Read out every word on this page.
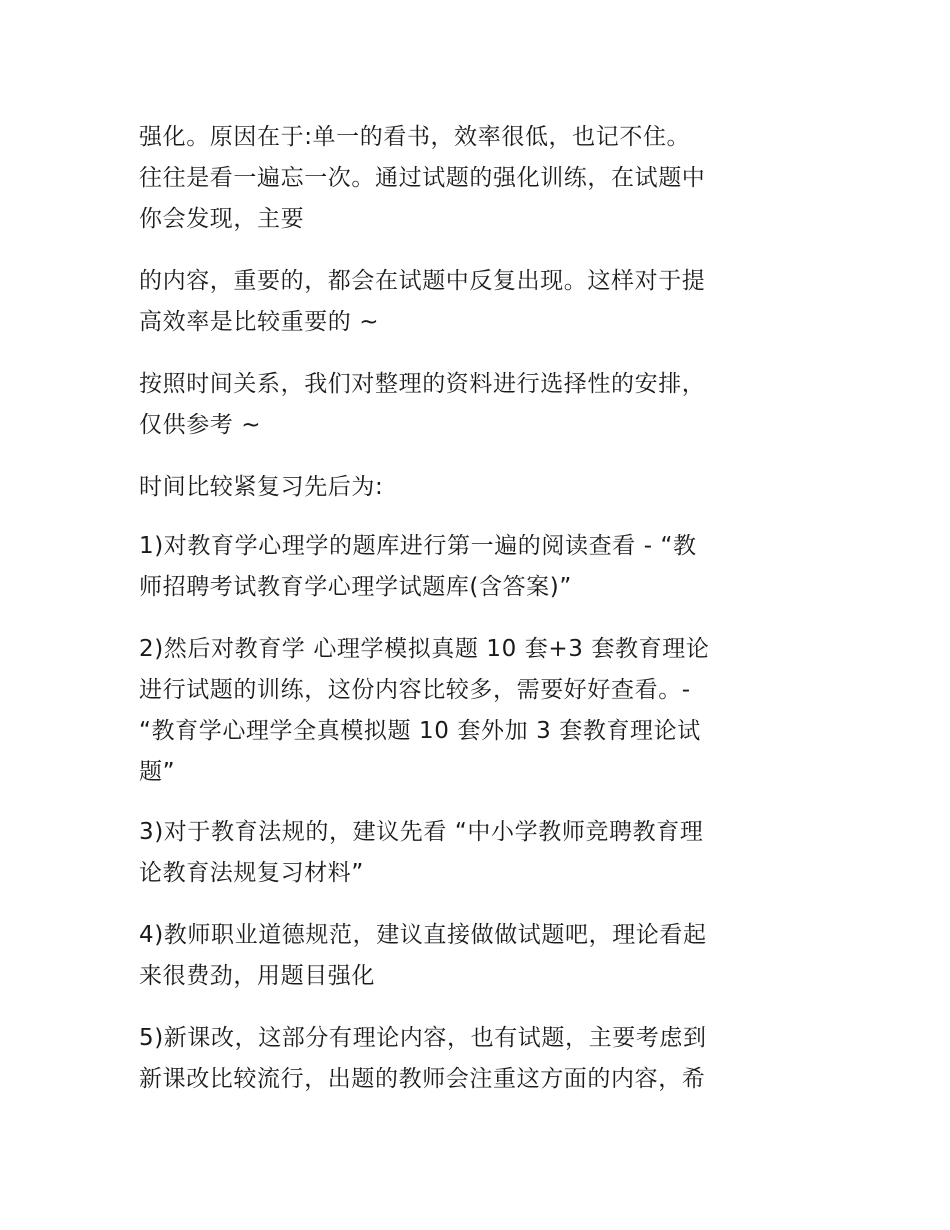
强化。原因在于:单一的看书，效率很低，也记不住。
往往是看一遍忘一次。通过试题的强化训练，在试题中
你会发现，主要

的内容，重要的，都会在试题中反复出现。这样对于提
高效率是比较重要的 ~

按照时间关系，我们对整理的资料进行选择性的安排，
仅供参考 ~

时间比较紧复习先后为:

1)对教育学心理学的题库进行第一遍的阅读查看 - “教
师招聘考试教育学心理学试题库(含答案)”

2)然后对教育学 心理学模拟真题 10 套+3 套教育理论
进行试题的训练，这份内容比较多，需要好好查看。-
“教育学心理学全真模拟题 10 套外加 3 套教育理论试
题”

3)对于教育法规的，建议先看 “中小学教师竞聘教育理
论教育法规复习材料”

4)教师职业道德规范，建议直接做做试题吧，理论看起
来很费劲，用题目强化

5)新课改，这部分有理论内容，也有试题，主要考虑到
新课改比较流行，出题的教师会注重这方面的内容，希
